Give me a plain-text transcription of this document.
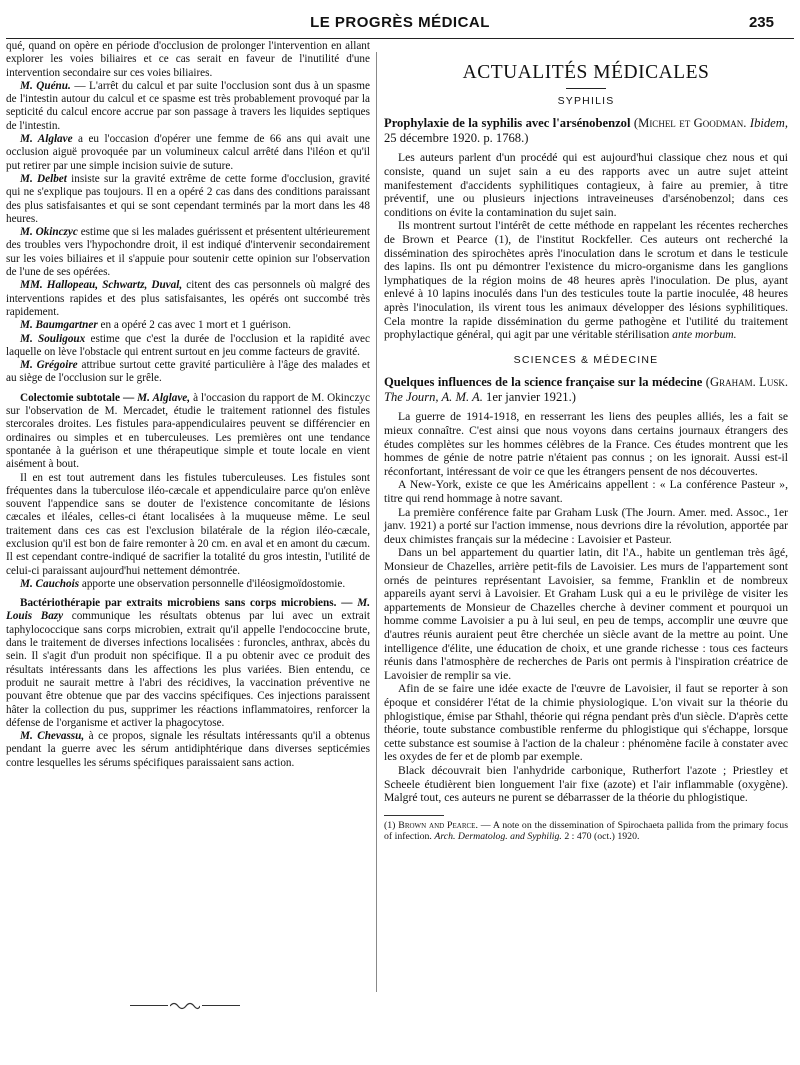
LE PROGRÈS MÉDICAL	235

qué, quand on opère en période d'occlusion de prolonger l'intervention en allant explorer les voies biliaires et ce cas serait en faveur de l'inutilité d'une intervention secondaire sur ces voies biliaires.

M. Quénu. — L'arrêt du calcul et par suite l'occlusion sont dus à un spasme de l'intestin autour du calcul et ce spasme est très probablement provoqué par la septicité du calcul encore accrue par son passage à travers les liquides septiques de l'intestin.

M. Alglave a eu l'occasion d'opérer une femme de 66 ans qui avait une occlusion aiguë provoquée par un volumineux calcul arrêté dans l'iléon et qu'il put retirer par une simple incision suivie de suture.

M. Delbet insiste sur la gravité extrême de cette forme d'occlusion, gravité qui ne s'explique pas toujours. Il en a opéré 2 cas dans des conditions paraissant des plus satisfaisantes et qui se sont cependant terminés par la mort dans les 48 heures.

M. Okinczyc estime que si les malades guérissent et présentent ultérieurement des troubles vers l'hypochondre droit, il est indiqué d'intervenir secondairement sur les voies biliaires et il s'appuie pour soutenir cette opinion sur l'observation de l'une de ses opérées.

MM. Hallopeau, Schwartz, Duval, citent des cas personnels où malgré des interventions rapides et des plus satisfaisantes, les opérés ont succombé très rapidement.

M. Baumgartner en a opéré 2 cas avec 1 mort et 1 guérison.

M. Souligoux estime que c'est la durée de l'occlusion et la rapidité avec laquelle on lève l'obstacle qui entrent surtout en jeu comme facteurs de gravité.

M. Grégoire attribue surtout cette gravité particulière à l'âge des malades et au siège de l'occlusion sur le grêle.

Colectomie subtotale — M. Alglave, à l'occasion du rapport de M. Okinczyc sur l'observation de M. Mercadet, étudie le traitement rationnel des fistules stercorales droites. Les fistules para-appendiculaires peuvent se différencier en ordinaires ou simples et en tuberculeuses. Les premières ont une tendance spontanée à la guérison et une thérapeutique simple et toute locale en vient aisément à bout.

Il en est tout autrement dans les fistules tuberculeuses. Les fistules sont fréquentes dans la tuberculose iléo-cæcale et appendiculaire parce qu'on enlève souvent l'appendice sans se douter de l'existence concomitante de lésions cæcales et iléales, celles-ci étant localisées à la muqueuse même. Le seul traitement dans ces cas est l'exclusion bilatérale de la région iléo-cæcale, exclusion qu'il est bon de faire remonter à 20 cm. en aval et en amont du cæcum. Il est cependant contre-indiqué de sacrifier la totalité du gros intestin, l'utilité de celui-ci paraissant aujourd'hui nettement démontrée.

M. Cauchois apporte une observation personnelle d'iléosigmoïdostomie.

Bactériothérapie par extraits microbiens sans corps microbiens. — M. Louis Bazy communique les résultats obtenus par lui avec un extrait taphylococcique sans corps microbien, extrait qu'il appelle l'endococcine brute, dans le traitement de diverses infections localisées : furoncles, anthrax, abcès du sein. Il s'agit d'un produit non spécifique. Il a pu obtenir avec ce produit des résultats intéressants dans les affections les plus variées. Bien entendu, ce produit ne saurait mettre à l'abri des récidives, la vaccination préventive ne pouvant être obtenue que par des vaccins spécifiques. Ces injections paraissent hâter la collection du pus, supprimer les réactions inflammatoires, renforcer la défense de l'organisme et activer la phagocytose.

M. Chevassu, à ce propos, signale les résultats intéressants qu'il a obtenus pendant la guerre avec les sérum antidiphtérique dans diverses septicémies contre lesquelles les sérums spécifiques paraissaient sans action.

ACTUALITÉS MÉDICALES
SYPHILIS

Prophylaxie de la syphilis avec l'arsénobenzol (Michel et Goodman. Ibidem, 25 décembre 1920. p. 1768.)

Les auteurs parlent d'un procédé qui est aujourd'hui classique chez nous et qui consiste, quand un sujet sain a eu des rapports avec un autre sujet atteint manifestement d'accidents syphilitiques contagieux, à faire au premier, à titre préventif, une ou plusieurs injections intraveineuses d'arsénobenzol; dans ces conditions on évite la contamination du sujet sain.

Ils montrent surtout l'intérêt de cette méthode en rappelant les récentes recherches de Brown et Pearce (1), de l'institut Rockfeller. Ces auteurs ont recherché la dissémination des spirochètes après l'inoculation dans le scrotum et dans le testicule des lapins. Ils ont pu démontrer l'existence du micro-organisme dans les ganglions lymphatiques de la région moins de 48 heures après l'inoculation. De plus, ayant enlevé à 10 lapins inoculés dans l'un des testicules toute la partie inoculée, 48 heures après l'inoculation, ils virent tous les animaux développer des lésions syphilitiques. Cela montre la rapide dissémination du germe pathogène et l'utilité du traitement prophylactique général, qui agit par une véritable stérilisation ante morbum.

SCIENCES & MÉDECINE

Quelques influences de la science française sur la médecine (Graham. Lusk. The Journ, A. M. A. 1er janvier 1921.)

La guerre de 1914-1918, en resserrant les liens des peuples alliés, les a fait se mieux connaître. C'est ainsi que nous voyons dans certains journaux étrangers des études complètes sur les hommes célèbres de la France. Ces études montrent que les hommes de génie de notre patrie n'étaient pas connus ; on les ignorait. Aussi est-il réconfortant, intéressant de voir ce que les étrangers pensent de nos découvertes.

A New-York, existe ce que les Américains appellent : « La conférence Pasteur », titre qui rend hommage à notre savant.

La première conférence faite par Graham Lusk (The Journ. Amer. med. Assoc., 1er janv. 1921) a porté sur l'action immense, nous devrions dire la révolution, apportée par deux chimistes français sur la médecine : Lavoisier et Pasteur.

Dans un bel appartement du quartier latin, dit l'A., habite un gentleman très âgé, Monsieur de Chazelles, arrière petit-fils de Lavoisier. Les murs de l'appartement sont ornés de peintures représentant Lavoisier, sa femme, Franklin et de nombreux appareils ayant servi à Lavoisier. Et Graham Lusk qui a eu le privilège de visiter les appartements de Monsieur de Chazelles cherche à deviner comment et pourquoi un homme comme Lavoisier a pu à lui seul, en peu de temps, accomplir une œuvre que d'autres réunis auraient peut être cherchée un siècle avant de la mettre au point. Une intelligence d'élite, une éducation de choix, et une grande richesse : tous ces facteurs réunis dans l'atmosphère de recherches de Paris ont permis à l'inspiration créatrice de Lavoisier de remplir sa vie.

Afin de se faire une idée exacte de l'œuvre de Lavoisier, il faut se reporter à son époque et considérer l'état de la chimie physiologique. L'on vivait sur la théorie du phlogistique, émise par Sthahl, théorie qui régna pendant près d'un siècle. D'après cette théorie, toute substance combustible renferme du phlogistique qui s'échappe, lorsque cette substance est soumise à l'action de la chaleur : phénomène facile à constater avec les oxydes de fer et de plomb par exemple.

Black découvrait bien l'anhydride carbonique, Rutherfort l'azote ; Priestley et Scheele étudièrent bien longuement l'air fixe (azote) et l'air inflammable (oxygène). Malgré tout, ces auteurs ne purent se débarrasser de la théorie du phlogistique.

(1) Brown and Pearce. — A note on the dissemination of Spirochaeta pallida from the primary focus of infection. Arch. Dermatolog. and Syphilig. 2 : 470 (oct.) 1920.
